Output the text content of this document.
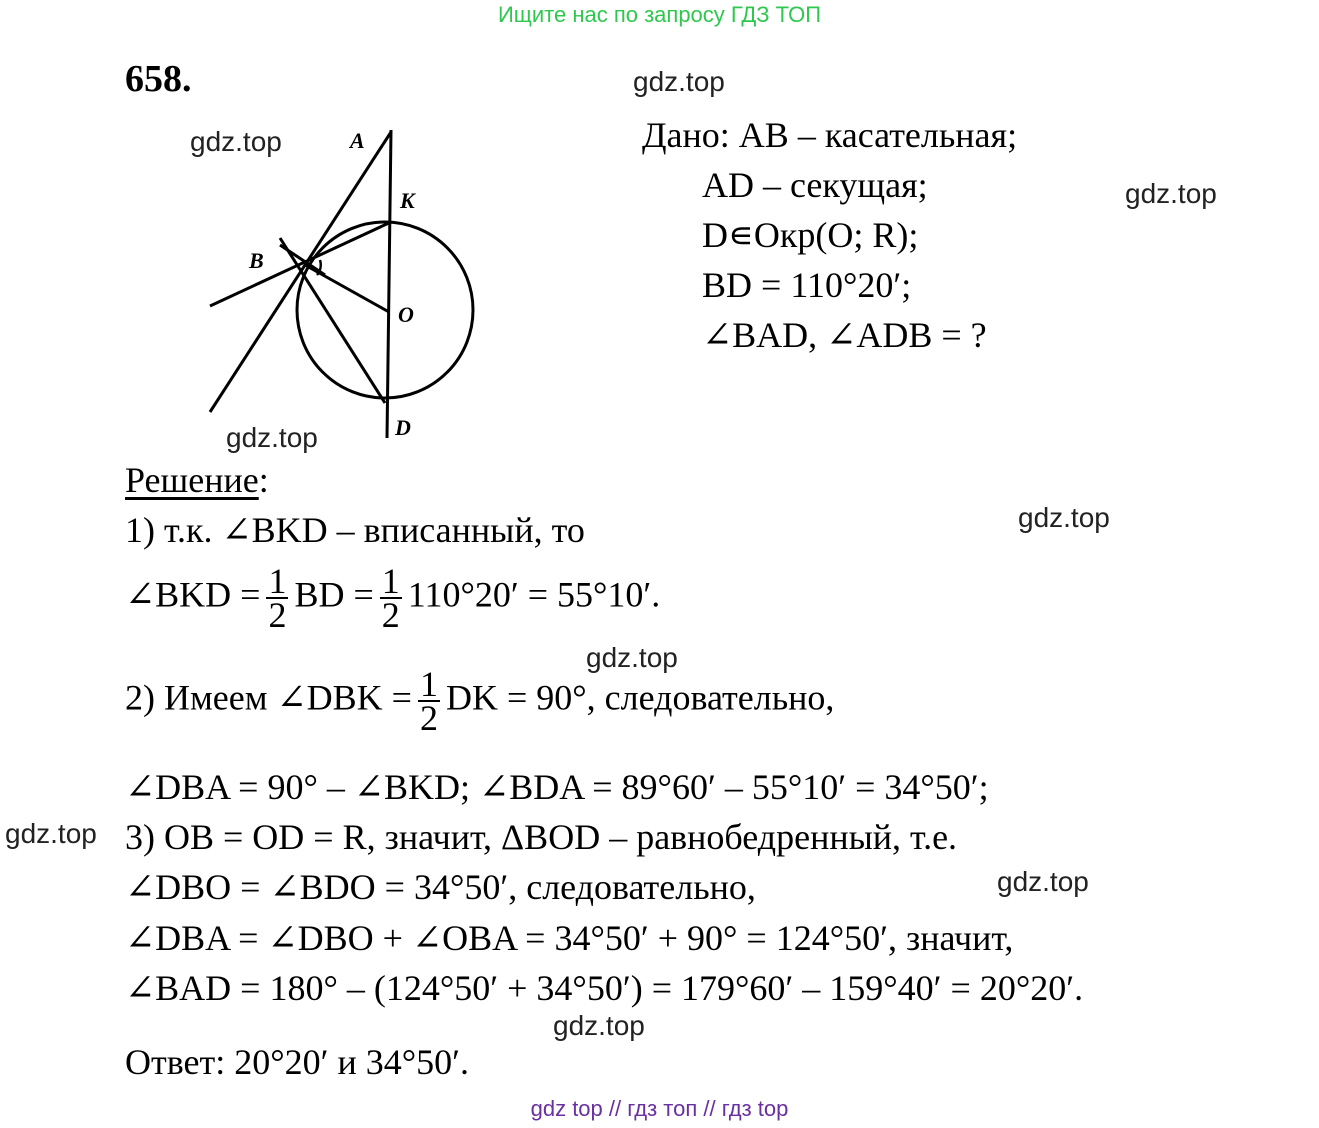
Ищите нас по запросу ГДЗ ТОП
658.	gdz.top
gdz.top
gdz.top
gdz.top
gdz.top
gdz.top
gdz.top
gdz.top
gdz.top
A
K
B
O
D
Дано: AB – касательная;
AD – секущая;
D∊Окр(O; R);
BD = 110°20′;
∠BAD, ∠ADB = ?
Решение:
1) т.к. ∠BKD – вписанный, то
∠BKD = $\frac{1}{2}$ BD = $\frac{1}{2} 110^\circ 20' = 55^\circ 10'$.
2) Имеем ∠DBK = $\frac{1}{2}$ DK = 90°, следовательно,
∠DBA = 90° – ∠BKD; ∠BDA = 89°60′ – 55°10′ = 34°50′;
3) OB = OD = R, значит, ΔBOD – равнобедренный, т.е.
∠DBO = ∠BDO = 34°50′, следовательно,
∠DBA = ∠DBO + ∠OBA = 34°50′ + 90° = 124°50′, значит,
∠BAD = 180° – (124°50′ + 34°50′) = 179°60′ – 159°40′ = 20°20′.
Ответ: 20°20′ и 34°50′.
gdz top // гдз топ // гдз top
